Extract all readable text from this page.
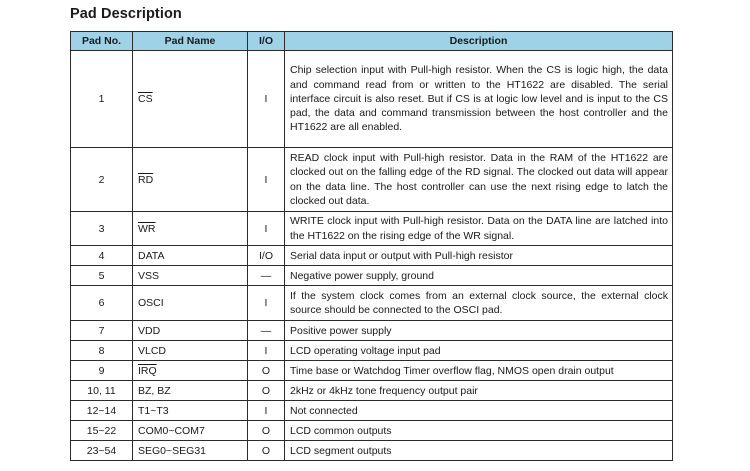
Pad Description
Pad No.	Pad Name	I/O	Description
1	$\overline{CS}$	I	Chip selection input with Pull-high resistor. When the CS is logic high, the data and command read from or written to the HT1622 are disabled. The serial interface circuit is also reset. But if CS is at logic low level and is input to the CS pad, the data and command transmission between the host controller and the HT1622 are all enabled.
2	$\overline{RD}$	I	READ clock input with Pull-high resistor. Data in the RAM of the HT1622 are clocked out on the falling edge of the RD signal. The clocked out data will appear on the data line. The host controller can use the next rising edge to latch the clocked out data.
3	$\overline{WR}$	I	WRITE clock input with Pull-high resistor. Data on the DATA line are latched into the HT1622 on the rising edge of the WR signal.
4	DATA	I/O	Serial data input or output with Pull-high resistor
5	VSS	—	Negative power supply, ground
6	OSCI	I	If the system clock comes from an external clock source, the external clock source should be connected to the OSCI pad.
7	VDD	—	Positive power supply
8	VLCD	I	LCD operating voltage input pad
9	$\overline{IRQ}$	O	Time base or Watchdog Timer overflow flag, NMOS open drain output
10, 11	BZ, BZ	O	2kHz or 4kHz tone frequency output pair
12~14	T1~T3	I	Not connected
15~22	COM0~COM7	O	LCD common outputs
23~54	SEG0~SEG31	O	LCD segment outputs
